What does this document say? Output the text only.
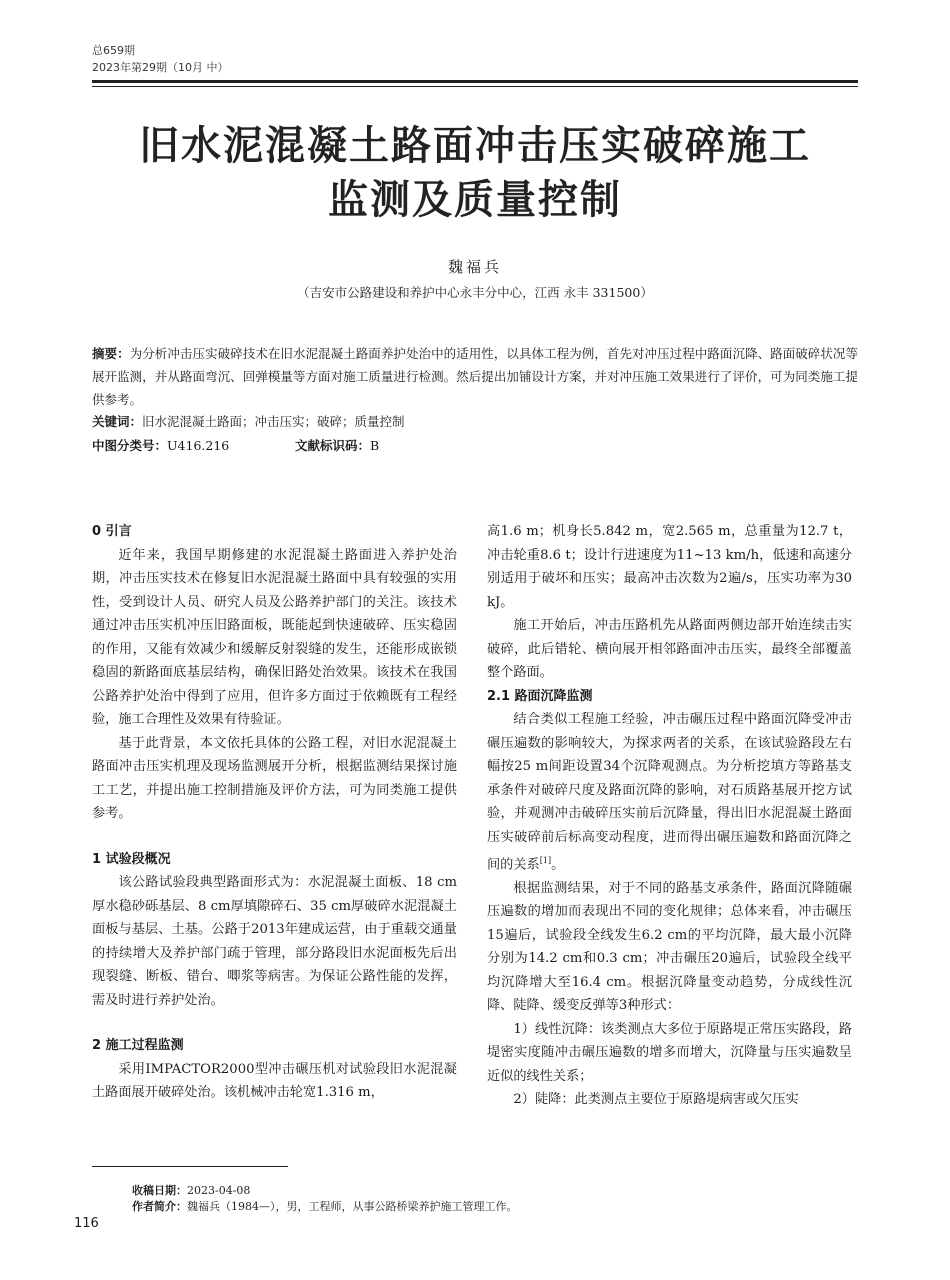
总659期
2023年第29期（10月 中）
旧水泥混凝土路面冲击压实破碎施工
监测及质量控制
魏福兵
（吉安市公路建设和养护中心永丰分中心，江西 永丰 331500）
摘要：为分析冲击压实破碎技术在旧水泥混凝土路面养护处治中的适用性，以具体工程为例，首先对冲压过程中路面沉降、路面破碎状况等展开监测，并从路面弯沉、回弹模量等方面对施工质量进行检测。然后提出加铺设计方案，并对冲压施工效果进行了评价，可为同类施工提供参考。
关键词：旧水泥混凝土路面；冲击压实；破碎；质量控制
中图分类号：U416.216	文献标识码：B
0 引言

近年来，我国早期修建的水泥混凝土路面进入养护处治期，冲击压实技术在修复旧水泥混凝土路面中具有较强的实用性，受到设计人员、研究人员及公路养护部门的关注。该技术通过冲击压实机冲压旧路面板，既能起到快速破碎、压实稳固的作用，又能有效减少和缓解反射裂缝的发生，还能形成嵌锁稳固的新路面底基层结构，确保旧路处治效果。该技术在我国公路养护处治中得到了应用，但许多方面过于依赖既有工程经验，施工合理性及效果有待验证。

基于此背景，本文依托具体的公路工程，对旧水泥混凝土路面冲击压实机理及现场监测展开分析，根据监测结果探讨施工工艺，并提出施工控制措施及评价方法，可为同类施工提供参考。

1 试验段概况

该公路试验段典型路面形式为：水泥混凝土面板、18 cm厚水稳砂砾基层、8 cm厚填隙碎石、35 cm厚破碎水泥混凝土面板与基层、土基。公路于2013年建成运营，由于重载交通量的持续增大及养护部门疏于管理，部分路段旧水泥面板先后出现裂缝、断板、错台、唧浆等病害。为保证公路性能的发挥，需及时进行养护处治。

2 施工过程监测

采用IMPACTOR2000型冲击碾压机对试验段旧水泥混凝土路面展开破碎处治。该机械冲击轮宽1.316 m，

高1.6 m；机身长5.842 m，宽2.565 m，总重量为12.7 t，冲击轮重8.6 t；设计行进速度为11~13 km/h，低速和高速分别适用于破坏和压实；最高冲击次数为2遍/s，压实功率为30 kJ。

施工开始后，冲击压路机先从路面两侧边部开始连续击实破碎，此后错轮、横向展开相邻路面冲击压实，最终全部覆盖整个路面。

2.1 路面沉降监测

结合类似工程施工经验，冲击碾压过程中路面沉降受冲击碾压遍数的影响较大，为探求两者的关系，在该试验路段左右幅按25 m间距设置34个沉降观测点。为分析挖填方等路基支承条件对破碎尺度及路面沉降的影响，对石质路基展开挖方试验，并观测冲击破碎压实前后沉降量，得出旧水泥混凝土路面压实破碎前后标高变动程度，进而得出碾压遍数和路面沉降之间的关系[1]。

根据监测结果，对于不同的路基支承条件，路面沉降随碾压遍数的增加而表现出不同的变化规律；总体来看，冲击碾压15遍后，试验段全线发生6.2 cm的平均沉降，最大最小沉降分别为14.2 cm和0.3 cm；冲击碾压20遍后，试验段全线平均沉降增大至16.4 cm。根据沉降量变动趋势，分成线性沉降、陡降、缓变反弹等3种形式：

1）线性沉降：该类测点大多位于原路堤正常压实路段，路堤密实度随冲击碾压遍数的增多而增大，沉降量与压实遍数呈近似的线性关系；

2）陡降：此类测点主要位于原路堤病害或欠压实

收稿日期：2023-04-08
作者简介：魏福兵（1984—），男，工程师，从事公路桥梁养护施工管理工作。
116
